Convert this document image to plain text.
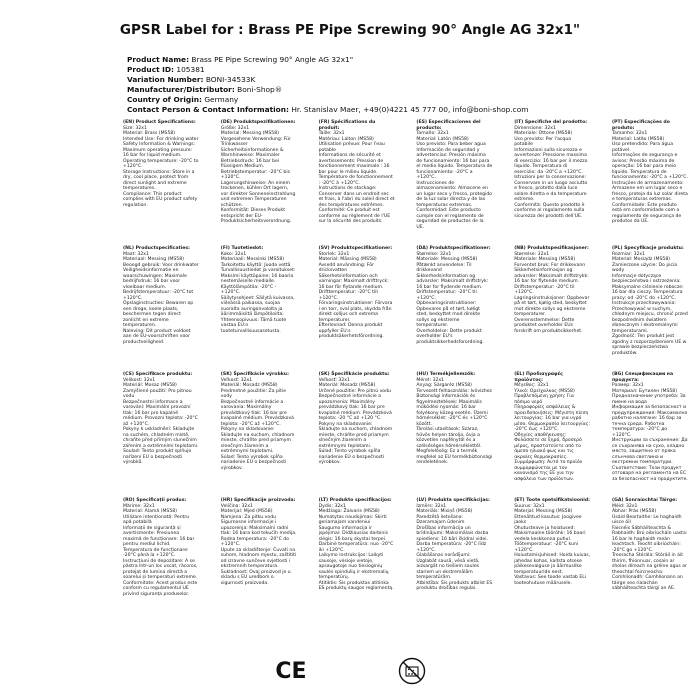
GPSR Label for : Brass PE Pipe Screwing 90° Angle AG 32x1"
Product Name: Brass PE Pipe Screwing 90° Angle AG 32x1"
Product ID: 105381
Variation Number: BONI-34533K
Manufacturer/Distributor: Boni-Shop®
Country of Origin: Germany
Contact Person & Contact Information: Hr. Stanislav Maer, +49(0)4221 45 777 00, info@boni-shop.com
(EN) Product Specifications:
Size: 32x1
Material: Brass (MS58)
Intended Use: For drinking water
Safety Information & Warnings: Maximum operating pressure: 16 bar for liquid medium. Operating temperature: -20°C to +120°C.
Storage Instructions: Store in a dry, cool place, protect from direct sunlight and extreme temperatures.
Compliance: This product complies with EU product safety regulation.
(DE) Produktspezifikationen:
Größe: 32x1
Material: Messing (MS58)
Vorgesehene Verwendung: Für Trinkwasser
Sicherheitsinformationen & Warnhinweise: Maximaler Betriebsdruck: 16 bar bei flüssigem Medium. Betriebstemperatur: -20°C bis +120°C.
Lagerungshinweise: An einem trockenen, kühlen Ort lagern, vor direkter Sonneneinstrahlung und extremen Temperaturen schützen.
Konformität: Dieses Produkt entspricht der EU-Produktsicherheitsverordnung.
(FR) Spécifications du produit:
Taille: 32x1
Matériau: Laiton (MS58)
Utilisation prévue: Pour l'eau potable
Informations de sécurité et avertissements: Pression de fonctionnement maximale : 16 bar pour le milieu liquide. Température de fonctionnement : -20°C à +120°C.
Instructions de stockage: Conserver dans un endroit sec et frais, à l'abri du soleil direct et des températures extrêmes.
Conformité: Ce produit est conforme au règlement de l'UE sur la sécurité des produits.
(ES) Especificaciones del producto:
Tamaño: 32x1
Material: Latón (MS58)
Uso previsto: Para beber agua
Información de seguridad y advertencias: Presión máxima de funcionamiento: 16 bar para el medio líquido. Temperatura de funcionamiento: -20°C a +120°C.
Instrucciones de almacenamiento: Almacene en un lugar seco y fresco, protegido de la luz solar directa y de las temperaturas extremas.
Conformidad: Este producto cumple con el reglamento de seguridad de productos de la UE.
(IT) Specifiche del prodotto:
Dimensione: 32x1
Materiale: Ottone (MS58)
Uso previsto: Per l'acqua potabile
Informazioni sulla sicurezza e avvertenze: Pressione massima di esercizio: 16 bar per il mezzo liquido. Temperatura di esercizio: da -20°C a +120°C.
Istruzioni per la conservazione: Conservare in un luogo asciutto e fresco, protetto dalla luce solare diretta e da temperature estreme.
Conformità: Questo prodotto è conforme al regolamento sulla sicurezza dei prodotti dell'UE.
(PT) Especificações do produto:
Tamanho: 32x1
Material: Latão (MS58)
Uso pretendido: Para água potável
Informações de segurança e avisos: Pressão máxima de operação: 16 bar para meio líquido. Temperatura de funcionamento: -20°C a +120°C.
Instruções de armazenamento: Armazene em um lugar seco e fresco, proteja da luz solar direta e temperaturas extremas.
Conformidade: Este produto está em conformidade com o regulamento de segurança de produtos da UE.
(NL) Productspecificaties:
Maat: 32x1
Materiaal: Messing (MS58)
Beoogd gebruik: Voor drinkwater
Veiligheidsinformatie en waarschuwingen: Maximale bedrijfsdruk: 16 bar voor vloeibaar medium. Bedrijfstemperatuur: -20°C tot +120°C.
Opslaginstructies: Bewaren op een droge, koele plaats, beschermen tegen direct zonlicht en extreme temperaturen.
Naleving: Dit product voldoet aan de EU-voorschriften voor productveiligheid.
(FI) Tuotetiedot:
Koko: 32x1
Materiaali: Messinki (MS58)
Tarkoitettu käyttö: Juoda vettä
Turvallisuustiedot ja varoitukset: Maksimi käyttöpaine: 16 baaria nestemäiselle medialle. Käyttölämpötila: -20°C - +120°C.
Säilytysohjeet: Säilytä kuivassa, viileässä paikassa, suojaa suoralta auringonvalolta ja äärimmäisiltä lämpötiloilta.
Yhteensopivuus: Tämä tuote vastaa EU:n tuoteturvallisuusasetusta.
(SV) Produktspecifikationer:
Storlek: 32x1
Material: Mässing (MS58)
Avsedd användning: För dricksvatten
Säkerhetsinformation och varningar: Maximalt drifttryck: 16 bar för flytande medium. Drifttemperatur: -20°C till +120°C.
Förvaringsinstruktioner: Förvara i en torr, sval plats, skydda från direkt solljus och extrema temperaturer.
Efterlevnad: Denna produkt uppfyller EU:s produktsäkerhetsförordning.
(DA) Produktspecifikationer:
Størrelse: 32x1
Materiale: Messing (MS58)
Påtænkt anvendelse: Til drikkevand
Sikkerhedsinformation og advarsler: Maksimalt driftstryk: 16 bar for flydende medium. Driftstemperatur: -20°C til +120°C.
Opbevaringsinstruktioner: Opbevares på et tørt, køligt sted, beskyttet mod direkte sollys og ekstreme temperaturer.
Overholdelse: Dette produkt overholder EU's produktsikkerhedsforordning.
(NB) Produktspesifikasjoner:
Størrelse: 32x1
Materiale: Messing (MS58)
Forventet bruk: For drikkevann
Sikkerhetsinformasjon og advarsler: Maksimalt driftstrykk: 16 bar for flytende medium. Driftstemperatur: -20°C til +120°C.
Lagringsinstruksjoner: Oppbevar på et tørt, kjølig sted, beskyttet mot direkte sollys og ekstreme temperaturer.
Overensstemmelse: Dette produktet overholder EUs forskrift om produktsikkerhet.
(PL) Specyfikacje produktu:
Rozmiar: 32x1
Materiał: Mosiądz (MS58)
Zamierzone użycie: Do picia wody
Informacje dotyczące bezpieczeństwa i ostrzeżenia: Maksymalne ciśnienie robocze: 16 bar dla cieczy. Temperatura pracy: od -20°C do +120°C.
Instrukcje przechowywania: Przechowywać w suchym, chłodnym miejscu, chronić przed bezpośrednim światłem słonecznym i ekstremalnymi temperaturami.
Zgodność: Ten produkt jest zgodny z rozporządzeniem UE w sprawie bezpieczeństwa produktów.
(CS) Specifikace produktu:
Velikost: 32x1
Materiál: Mosaz (MS58)
Zamýšlené použití: Pro pitnou vodu
Bezpečnostní informace a varování: Maximální provozní tlak: 16 bar pro kapalné médium. Provozní teplota: -20°C až +120°C.
Pokyny k uskladnění: Skladujte na suchém, chladném místě, chraňte před přímým slunečním zářením a extrémními teplotami.
Soulad: Tento produkt splňuje nařízení EU o bezpečnosti výrobků.
(SK) Špecifikácie výrobku:
Veľkosť: 32x1
Materiál: Mosadz (MS58)
Predmetné použitie: Za pitie vody
Bezpečnostné informácie a varovania: Maximálny prevádzkový tlak: 16 bar pre kvapalné médium. Prevádzková teplota: -20°C až +120°C.
Pokyny na skladovanie: Skladujte na suchom, chladnom mieste, chráňte pred priamym slnečným žiarením a extrémnymi teplotami.
Súlad: Tento výrobok spĺňa nariadenie EÚ o bezpečnosti výrobkov.
(SK) Špecifikácie produktu:
Veľkosť: 32x1
Materiál: Mosadz (MS58)
Určené použitie: Pre pitnú vodu
Bezpečnostné informácie a upozornenia: Maximálny prevádzkový tlak: 16 bar pre kvapalné médium. Prevádzková teplota: -20 °C až +120 °C.
Pokyny na skladovanie: Skladujte na suchom, chladnom mieste, chráňte pred priamym slnečným žiarením a extrémnymi teplotami.
Súlad: Tento výrobok spĺňa nariadenie EÚ o bezpečnosti výrobkov.
(HU) Termékjellemzők:
Méret: 32x1
Anyag: Sárgaréz (MS58)
Tervezett felhasználás: Ivóvízhez
Biztonsági információk és figyelmeztetések: Maximális működési nyomás: 16 bar folyékony közeg esetén. Üzemi hőmérséklet: -20°C és +120°C között.
Tárolási utasítások: Száraz, hűvös helyen tárolja, óvja a közvetlen napfénytől és a szélsőséges hőmérséklettől.
Megfelelőség: Ez a termék megfelel az EU termékbiztonsági rendeletének.
(EL) Προδιαγραφές προϊόντος:
Μέγεθος: 32x1
Υλικό: Ορείχαλκος (MS58)
Προβλεπόμενη χρήση: Για πόσιμο νερό
Πληροφορίες ασφάλειας & προειδοποιήσεις: Μέγιστη πίεση λειτουργίας: 16 bar για υγρό μέσο. Θερμοκρασία λειτουργίας: -20°C έως +120°C.
Οδηγίες αποθήκευσης: Φυλάσσετε σε ξηρό, δροσερό μέρος, προστατεύετε από το άμεσο ηλιακό φως και τις ακραίες θερμοκρασίες.
Συμμόρφωση: Αυτό το προϊόν συμμορφώνεται με τον κανονισμό της ΕΕ για την ασφάλεια των προϊόντων.
(BG) Спецификации на продукта:
Размер: 32x1
Материал: Бутилен (MS58)
Предназначение употреба: За пиене на вода
Информация за безопасност и предупреждения: Максимално работно налягане: 16 бар за течна среда. Работна температура: -20°C до +120°C.
Инструкции за съхранение: Да се съхранява на сухо, хладно място, защитено от пряка слънчева светлина и екстремни температури.
Съответствие: Този продукт отговаря на регламента на ЕС за безопасност на продуктите.
(RO) Specificații produs:
Mărime: 32x1
Material: Alamă (MS58)
Utilizare intenționată: Pentru apă potabilă
Informații de siguranță și avertismente: Presiunea maximă de funcționare: 16 bar pentru mediul lichid. Temperatura de funcționare: -20°C până la +120°C.
Instrucțiuni de depozitare: A se păstra într-un loc uscat, răcoros, protejat de lumina directă a soarelui și temperaturi extreme.
Conformitate: Acest produs este conform cu regulamentul UE privind siguranța produselor.
(HR) Specifikacije proizvoda:
Veličina: 32x1
Materijal: Mjed (MS58)
Namjena: Za pitku vodu
Sigurnosne informacije i upozorenja: Maksimalni radni tlak: 16 bara kod tekućih medija. Radna temperatura: -20°C do +120°C.
Upute za skladištenje: Čuvati na suhom, hladnom mjestu, zaštititi od izravne sunčeve svjetlosti i ekstremnih temperatura.
Sukladnost: Ovaj proizvod je u skladu s EU uredbom o sigurnosti proizvoda.
(LT) Produkto specifikacijos:
Dydis: 32x1
Medžiaga: Žalvaris (MS58)
Numatytas naudojimas: Skirti geriamajam vandeniui
Saugumo informacija ir įspėjimai: Didžiausias darbinis slėgis: 16 barų skystai terpei. Darbinė temperatūra: nuo -20°C iki +120°C.
Laikymo instrukcijos: Laikyti sausoje, vėsioje vietoje, apsaugotoje nuo tiesioginių saulės spindulių ir ekstremalių temperatūrų.
Atitiktis: Šis produktas atitinka ES produktų saugos reglamentą.
(LV) Produkta specifikācijas:
Izmērs: 32x1
Materiāls: Misiņš (MS58)
Paredzētā lietošana: Dzeramajam ūdenim
Drošības informācija un brīdinājumi: Maksimālais darba spiediens: 16 bāri šķidrai videi. Darba temperatūra: -20°C līdz +120°C.
Glabāšanas norādījumi: Uzglabāt sausā, vēsā vietā, aizsargāt no tiešiem saules stariem un ekstremālām temperatūrām.
Atbilstība: Šis produkts atbilst ES produktu drošības regulai.
(ET) Toote spetsifikatsioonid:
Suurus: 32x1
Materjal: Messing (MS58)
Ettenähtud kasutus: Joogivee jaoks
Ohutusteave ja hoiatused: Maksimaalne töörõhk: 16 baari vedela keskkonna puhul. Töötemperatuur: -20°C kuni +120°C.
Hoiustamisjuhised: Hoida kuivas, jahedas kohas, kaitsta otsese päikesevalguse ja äärmuslike temperatuuride eest.
Vastavus: See toode vastab ELi tooteohutuse määrusele.
(GA) Sonraíochtaí Táirge:
Méid: 32x1
Ábhar: Prás (MS58)
Úsáid Beartaithe: Le haghaidh uisce óil
Faisnéis Sábháilteachta & Rabhaidh: Brú oibriúcháin uasta: 16 bar le haghaidh meán leachtach. Teocht oibriúcháin: -20°C go +120°C.
Treoracha Stórála: Stóráil in áit thirim, fhionnuar, cosain ar sholas díreach na gréine agus ar theochtaí foircneacha.
Comhlíonadh: Comhlíonann an táirge seo rialachán sábháilteachta táirgí an AE.
CE
